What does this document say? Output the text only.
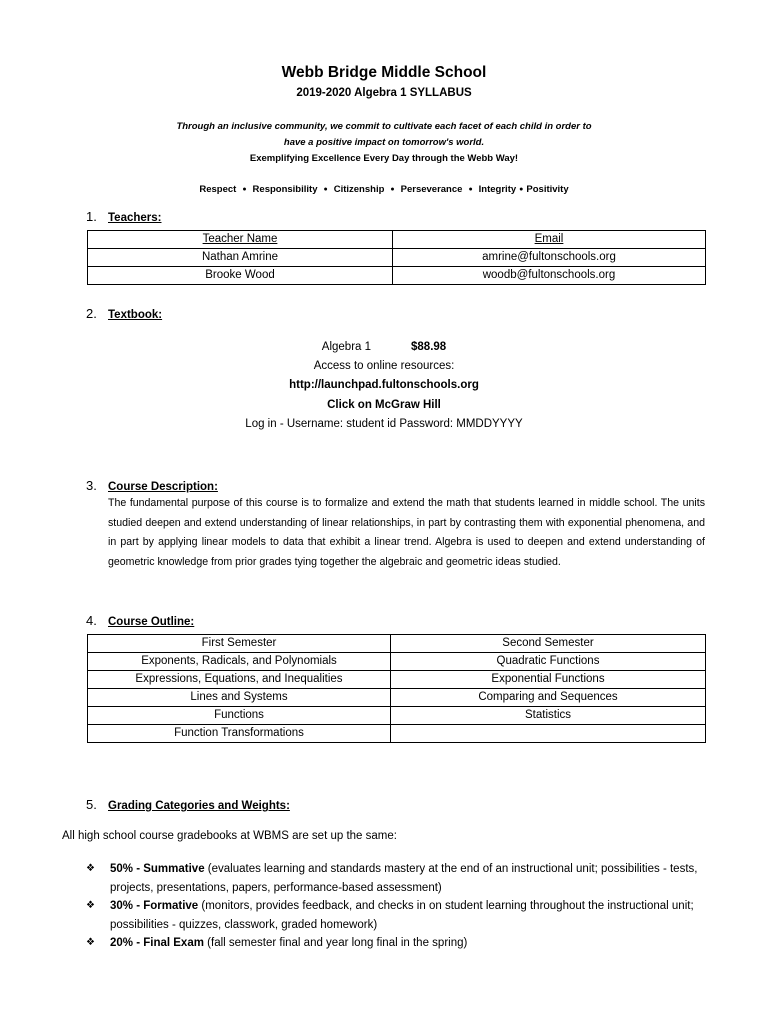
Webb Bridge Middle School
2019-2020 Algebra 1 SYLLABUS
Through an inclusive community, we commit to cultivate each facet of each child in order to
have a positive impact on tomorrow's world.
Exemplifying Excellence Every Day through the Webb Way!
Respect ● Responsibility ● Citizenship ● Perseverance ● Integrity ● Positivity
1. Teachers:
Teacher Name	Email
Nathan Amrine	amrine@fultonschools.org
Brooke Wood	woodb@fultonschools.org
2. Textbook:
Algebra 1	$88.98
Access to online resources:
http://launchpad.fultonschools.org
Click on McGraw Hill
Log in - Username: student id Password: MMDDYYYY
3. Course Description:
The fundamental purpose of this course is to formalize and extend the math that students learned in middle school. The units studied deepen and extend understanding of linear relationships, in part by contrasting them with exponential phenomena, and in part by applying linear models to data that exhibit a linear trend. Algebra is used to deepen and extend understanding of geometric knowledge from prior grades tying together the algebraic and geometric ideas studied.
4. Course Outline:
First Semester	Second Semester
Exponents, Radicals, and Polynomials	Quadratic Functions
Expressions, Equations, and Inequalities	Exponential Functions
Lines and Systems	Comparing and Sequences
Functions	Statistics
Function Transformations	
5. Grading Categories and Weights:
All high school course gradebooks at WBMS are set up the same:
❖ 50% - Summative (evaluates learning and standards mastery at the end of an instructional unit; possibilities - tests, projects, presentations, papers, performance-based assessment)
❖ 30% - Formative (monitors, provides feedback, and checks in on student learning throughout the instructional unit; possibilities - quizzes, classwork, graded homework)
❖ 20% - Final Exam (fall semester final and year long final in the spring)
